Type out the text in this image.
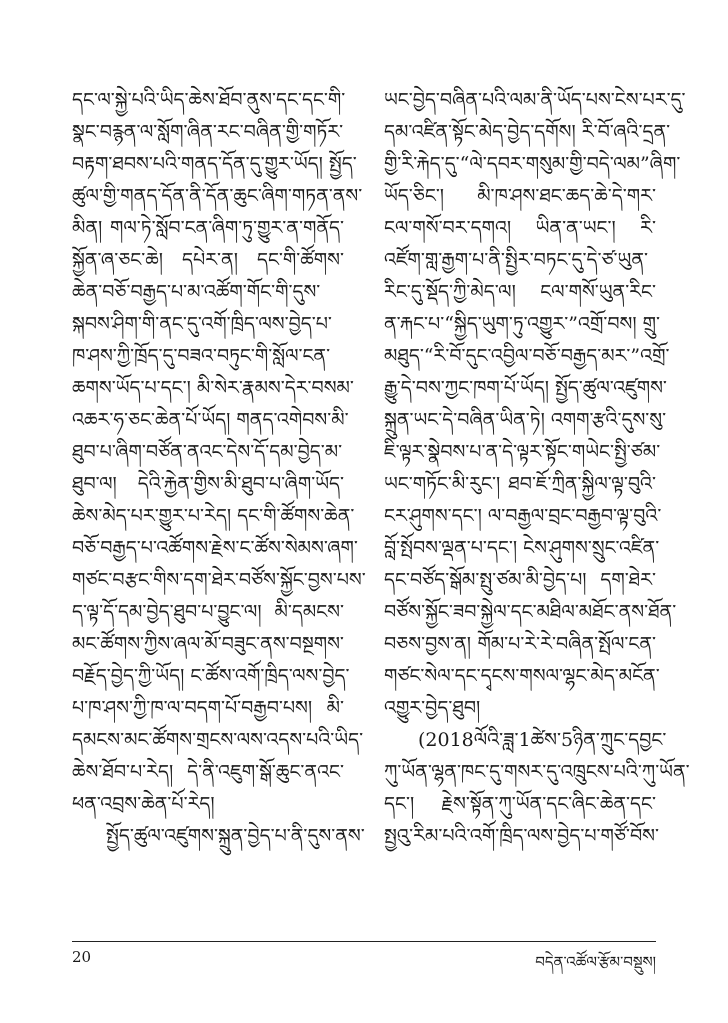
དང་ལ་སྐྱེ་པའི་ཡིད་ཆེས་ཐོབ་ནུས་དང་དང་གི་
སྣང་བརྙན་ལ་སློག་ཞིན་རང་བཞིན་གྱི་གཏོར་
བརྟག་ཐབས་པའི་གནད་དོན་དུ་གྱུར་ཡོད། སྤྱོད་
ཚུལ་གྱི་གནད་དོན་ནི་དོན་ཆུང་ཞིག་གཏན་ནས་
མིན། གལ་ཏེ་སློབ་ངན་ཞིག་ཏུ་གྱུར་ན་གནོད་
སྐྱོན་ཞ་ཅང་ཆེ། དཔེར་ན། དང་གི་ཚོགས་
ཆེན་བཅོ་བརྒྱད་པ་མ་འཚོག་གོང་གི་དུས་
སྐབས་ཤིག་གི་ནང་དུ་འགོ་ཁྲིད་ལས་བྱེད་པ་
ཁ་ཤས་ཀྱི་ཁྲོད་དུ་བཟའ་བཏུང་གི་སློལ་ངན་
ཆགས་ཡོད་པ་དང་། མི་སེར་རྣམས་དེར་བསམ་
འཆར་ཧ་ཅང་ཆེན་པོ་ཡོད། གནད་འགེབས་མི་
ཐུབ་པ་ཞིག་བཙོན་ནའང་དེས་དོ་དམ་བྱེད་མ་
ཐུབ་ལ། དེའི་རྐྱེན་གྱིས་མི་ཐུབ་པ་ཞིག་ཡོད་
ཆེས་མེད་པར་གྱུར་པ་རེད། དང་གི་ཚོགས་ཆེན་
བཅོ་བརྒྱད་པ་འཚོགས་རྗེས་ང་ཚོས་སེམས་ཞག་
གཙང་བརྩང་གིས་དག་ཐེར་བཙོས་སྐྱོང་བྱས་པས་
ད་ལྟ་དོ་དམ་བྱེད་ཐུབ་པ་བྱུང་ལ། མི་དམངས་
མང་ཚོགས་ཀྱིས་ཞལ་མོ་བཟུང་ནས་བསྔགས་
བརྗོད་བྱེད་ཀྱི་ཡོད། ང་ཚོས་འགོ་ཁྲིད་ལས་བྱེད་
པ་ཁ་ཤས་ཀྱི་ཁ་ལ་བདག་པོ་བརྒྱབ་པས། མི་
དམངས་མང་ཚོགས་གྲངས་ལས་འདས་པའི་ཡིད་
ཆེས་ཐོབ་པ་རེད། དེ་ནི་འཇུག་སྒོ་ཆུང་ནའང་
ཕན་འབྲས་ཆེན་པོ་རེད།
སྤྱོད་ཚུལ་འཛུགས་སྐྲུན་བྱེད་པ་ནི་དུས་ནས་
ཡང་བྱེད་བཞིན་པའི་ལམ་ནི་ཡོད་པས་ངེས་པར་དུ་
དམ་འཛིན་སྟོང་མེད་བྱེད་དགོས། རི་བོ་ཞའི་དྲན་
གྱི་རི་རྐེད་དུ་“ལེ་དབར་གསུམ་གྱི་བདེ་ལམ”ཞིག་
ཡོད་ཅིང་། མི་ཁ་ཤས་ཐང་ཆད་ཆེ་དེ་གར་
ངལ་གསོ་བར་དགའ། ཡིན་ན་ཡང་། རི་
འཛོག་གླ་རྒྱག་པ་ནི་སྤྱིར་བཏང་དུ་དེ་ཙ་ཡུན་
རིང་དུ་སྡོད་ཀྱི་མེད་ལ། ངལ་གསོ་ཡུན་རིང་
ན་རྐང་པ་“སྐྱིད་ཡུག་ཏུ་འགྱུར་”འགྲོ་བས། གྲུ་
མཐུད་“རི་བོ་དུང་འབྱིལ་བཅོ་བརྒྱད་མར་”འགྲོ་
རྒྱུ་དེ་བས་ཀྱང་ཁག་པོ་ཡོད། སྤྱོད་ཚུལ་འཛུགས་
སྐྲུན་ཡང་དེ་བཞིན་ཡིན་ཏེ། འགག་རྩའི་དུས་སུ་
ཇི་ལྟར་སྣེབས་པ་ན་དེ་ལྟར་སྟོང་གཡེང་སྤྱི་ཙམ་
ཡང་གཏོང་མི་རུང་། ཐབ་ཇོ་ཀྲིན་སྐྱིལ་ལྟ་བུའི་
ངར་ཤུགས་དང་། ལ་བརྒྱལ་བྲང་བརྒྱབ་ལྟ་བུའི་
བློ་སྤོབས་ལྡན་པ་དང་། ངེས་ཤུགས་སྲུང་འཛིན་
དང་བཙོད་སྒོམ་སྤུ་ཙམ་མི་བྱེད་པ། དག་ཐེར་
བཙོས་སྐྱོང་ཟབ་སྐྱེལ་དང་མཐིལ་མཐོང་ནས་ཐོན་
བཅས་བྱས་ན། གོམ་པ་རེ་རེ་བཞིན་སྤོལ་ངན་
གཙང་སེལ་དང་དྭངས་གསལ་ལྷང་མེད་མངོན་
འགྱུར་བྱེད་ཐུབ།
(2018ལོའི་ཟླ་1ཚེས་5ཉིན་ཀྲུང་དབྱང་
ཀུ་ཡོན་ལྷན་ཁང་དུ་གསར་དུ་འཁྲུངས་པའི་ཀུ་ཡོན་
དང་། རྗེས་སྟོན་ཀུ་ཡོན་དང་ཞིང་ཆེན་དང་
སྤྱའུ་རིམ་པའི་འགོ་ཁྲིད་ལས་བྱེད་པ་གཙོ་བོས་
20	བདེན་འཚོལ་རྩོམ་བསྡུས།
